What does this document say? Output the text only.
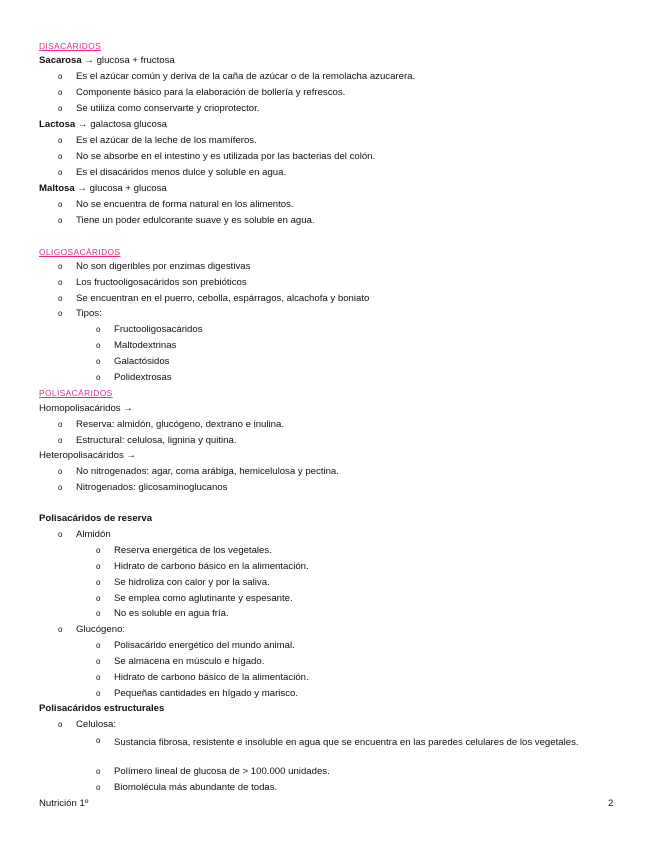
DISACÁRIDOS
Sacarosa → glucosa + fructosa
o Es el azúcar común y deriva de la caña de azúcar o de la remolacha azucarera.
o Componente básico para la elaboración de bollería y refrescos.
o Se utiliza como conservarte y crioprotector.
Lactosa → galactosa glucosa
o Es el azúcar de la leche de los mamíferos.
o No se absorbe en el intestino y es utilizada por las bacterias del colón.
o Es el disacáridos menos dulce y soluble en agua.
Maltosa → glucosa + glucosa
o No se encuentra de forma natural en los alimentos.
o Tiene un poder edulcorante suave y es soluble en agua.
OLIGOSACÁRIDOS
o No son digeribles por enzimas digestivas
o Los fructooligosacáridos son prebióticos
o Se encuentran en el puerro, cebolla, espárragos, alcachofa y boniato
o Tipos:
o Fructooligosacáridos
o Maltodextrinas
o Galactósidos
o Polidextrosas
POLISACÁRIDOS
Homopolisacáridos →
o Reserva: almidón, glucógeno, dextrano e inulina.
o Estructural: celulosa, lignina y quitina.
Heteropolisacáridos →
o No nitrogenados: agar, coma arábiga, hemicelulosa y pectina.
o Nitrogenados: glicosaminoglucanos
Polisacáridos de reserva
o Almidón
o Reserva energética de los vegetales.
o Hidrato de carbono básico en la alimentación.
o Se hidroliza con calor y por la saliva.
o Se emplea como aglutinante y espesante.
o No es soluble en agua fría.
o Glucógeno:
o Polisacárido energético del mundo animal.
o Se almacena en músculo e hígado.
o Hidrato de carbono básico de la alimentación.
o Pequeñas cantidades en hígado y marisco.
Polisacáridos estructurales
o Celulosa:
o Sustancia fibrosa, resistente e insoluble en agua que se encuentra en las paredes celulares de los vegetales.
o Polímero lineal de glucosa de > 100.000 unidades.
o Biomolécula más abundante de todas.
Nutrición 1º	2
